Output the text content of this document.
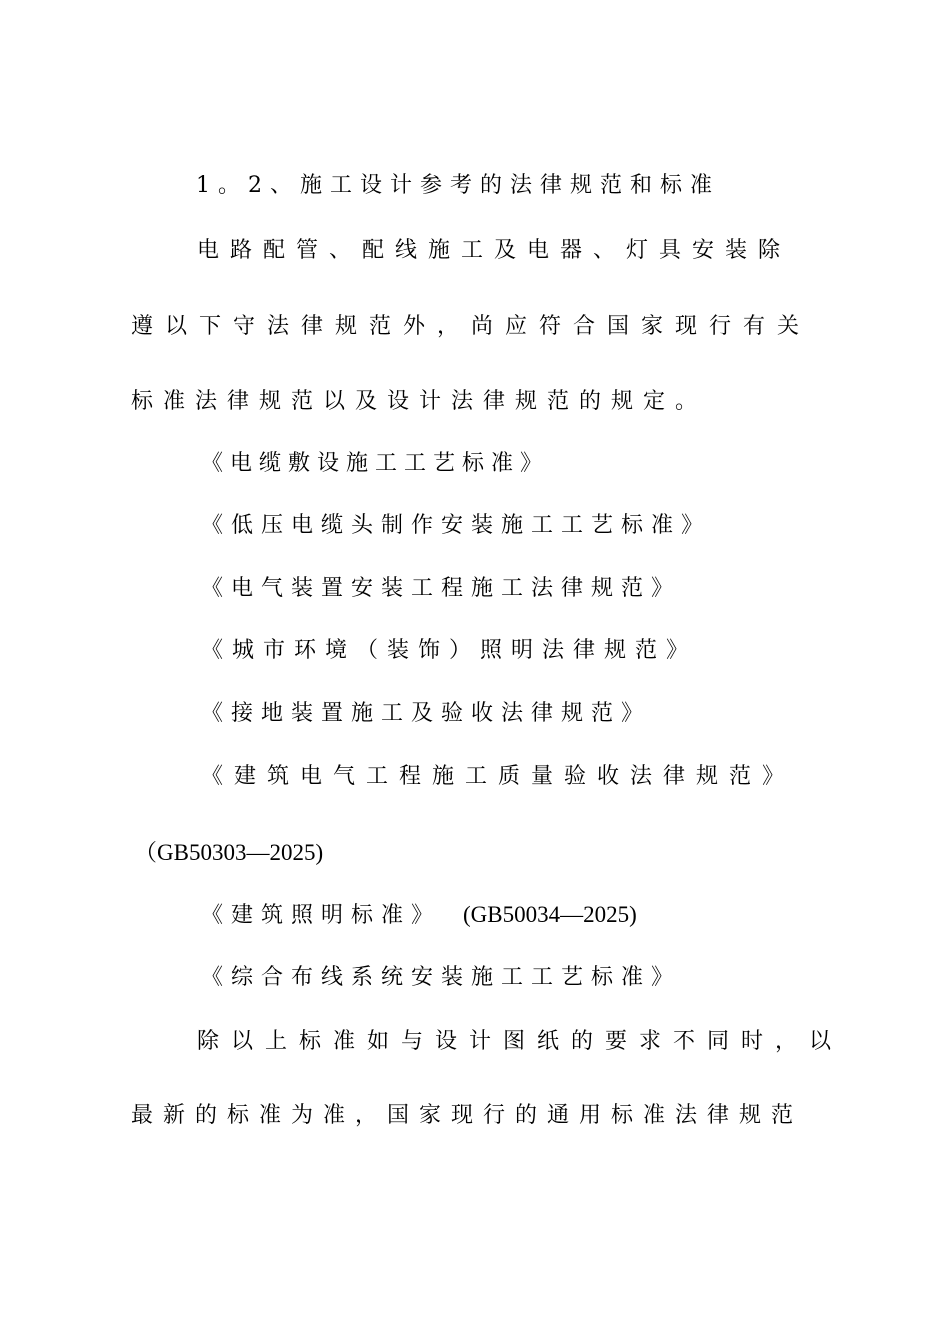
1。2、施工设计参考的法律规范和标准
电路配管、配线施工及电器、灯具安装除
遵以下守法律规范外，尚应符合国家现行有关
标准法律规范以及设计法律规范的规定。
《电缆敷设施工工艺标准》
《低压电缆头制作安装施工工艺标准》
《电气装置安装工程施工法律规范》
《城市环境（装饰）照明法律规范》
《接地装置施工及验收法律规范》
《建筑电气工程施工质量验收法律规范》
（GB50303—2025)
《建筑照明标准》 (GB50034—2025)
《综合布线系统安装施工工艺标准》
除以上标准如与设计图纸的要求不同时，以
最新的标准为准，国家现行的通用标准法律规范
